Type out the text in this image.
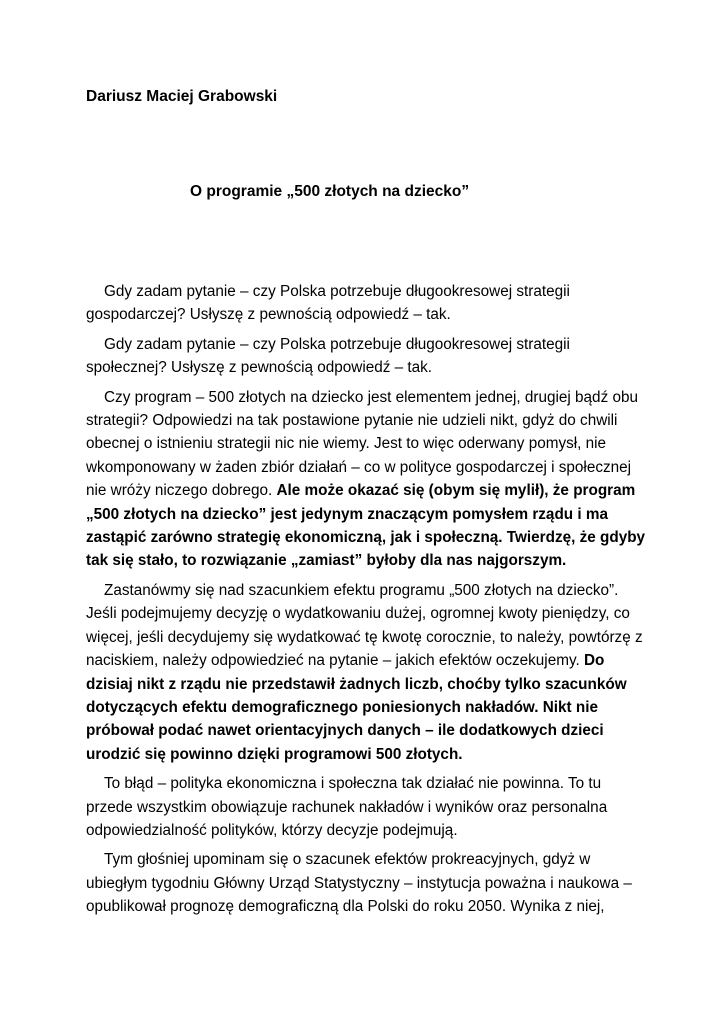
Dariusz Maciej Grabowski

O programie „500 złotych na dziecko”

Gdy zadam pytanie – czy Polska potrzebuje długookresowej strategii gospodarczej? Usłyszę z pewnością odpowiedź – tak.

Gdy zadam pytanie – czy Polska potrzebuje długookresowej strategii społecznej? Usłyszę z pewnością odpowiedź – tak.

Czy program – 500 złotych na dziecko jest elementem jednej, drugiej bądź obu strategii? Odpowiedzi na tak postawione pytanie nie udzieli nikt, gdyż do chwili obecnej o istnieniu strategii nic nie wiemy. Jest to więc oderwany pomysł, nie wkomponowany w żaden zbiór działań – co w polityce gospodarczej i społecznej nie wróży niczego dobrego. Ale może okazać się (obym się mylił), że program „500 złotych na dziecko” jest jedynym znaczącym pomysłem rządu i ma zastąpić zarówno strategię ekonomiczną, jak i społeczną. Twierdzę, że gdyby tak się stało, to rozwiązanie „zamiast” byłoby dla nas najgorszym.

Zastanówmy się nad szacunkiem efektu programu „500 złotych na dziecko”. Jeśli podejmujemy decyzję o wydatkowaniu dużej, ogromnej kwoty pieniędzy, co więcej, jeśli decydujemy się wydatkować tę kwotę corocznie, to należy, powtórzę z naciskiem, należy odpowiedzieć na pytanie – jakich efektów oczekujemy. Do dzisiaj nikt z rządu nie przedstawił żadnych liczb, choćby tylko szacunków dotyczących efektu demograficznego poniesionych nakładów. Nikt nie próbował podać nawet orientacyjnych danych – ile dodatkowych dzieci urodzić się powinno dzięki programowi 500 złotych.

To błąd – polityka ekonomiczna i społeczna tak działać nie powinna. To tu przede wszystkim obowiązuje rachunek nakładów i wyników oraz personalna odpowiedzialność polityków, którzy decyzje podejmują.

Tym głośniej upominam się o szacunek efektów prokreacyjnych, gdyż w ubiegłym tygodniu Główny Urząd Statystyczny – instytucja poważna i naukowa – opublikował prognozę demograficzną dla Polski do roku 2050. Wynika z niej,
